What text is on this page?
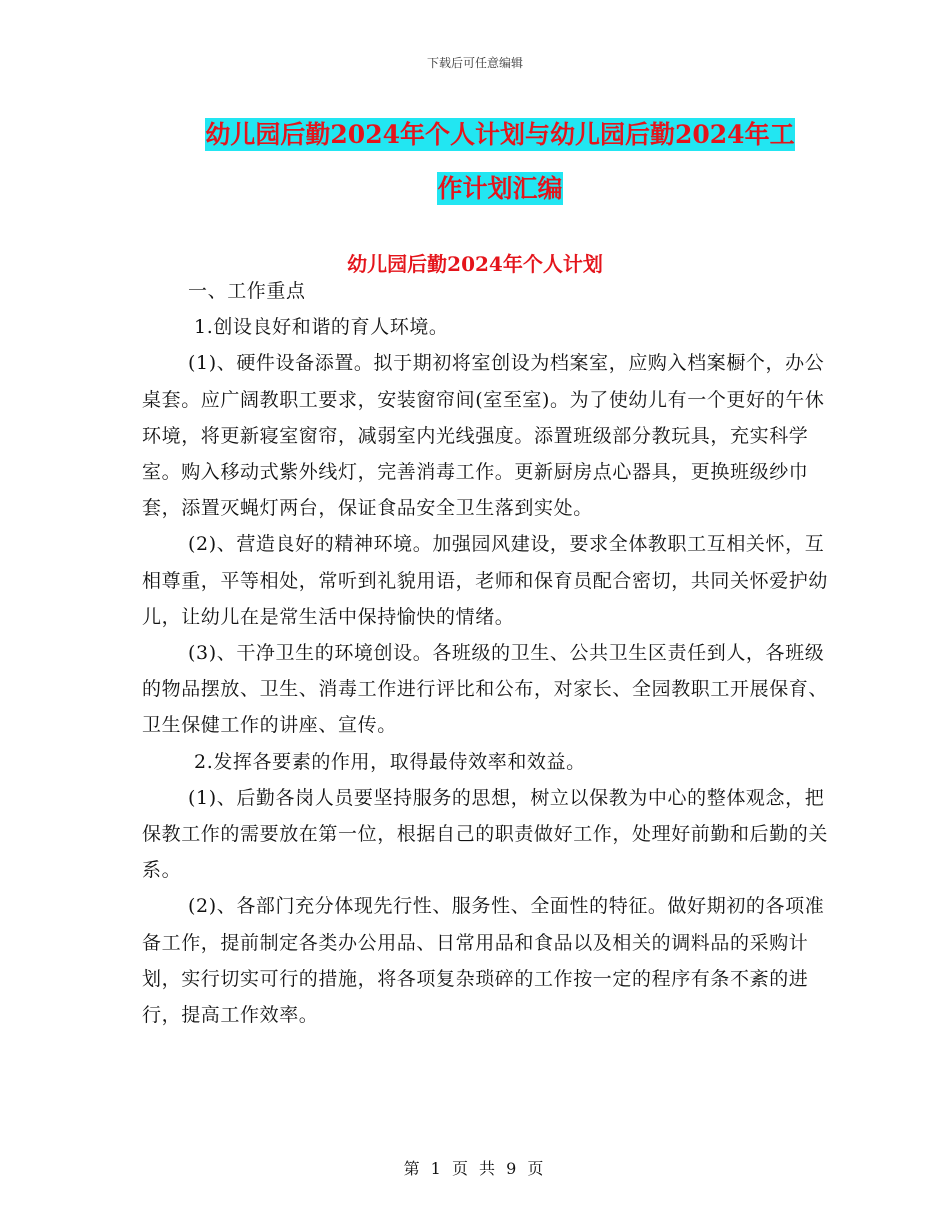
下载后可任意编辑
幼儿园后勤2024年个人计划与幼儿园后勤2024年工
作计划汇编
幼儿园后勤2024年个人计划

一、工作重点

1.创设良好和谐的育人环境。

(1)、硬件设备添置。拟于期初将室创设为档案室，应购入档案橱个，办公桌套。应广阔教职工要求，安装窗帘间(室至室)。为了使幼儿有一个更好的午休环境，将更新寝室窗帘，减弱室内光线强度。添置班级部分教玩具，充实科学室。购入移动式紫外线灯，完善消毒工作。更新厨房点心器具，更换班级纱巾套，添置灭蝇灯两台，保证食品安全卫生落到实处。

(2)、营造良好的精神环境。加强园风建设，要求全体教职工互相关怀，互相尊重，平等相处，常听到礼貌用语，老师和保育员配合密切，共同关怀爱护幼儿，让幼儿在是常生活中保持愉快的情绪。

(3)、干净卫生的环境创设。各班级的卫生、公共卫生区责任到人，各班级的物品摆放、卫生、消毒工作进行评比和公布，对家长、全园教职工开展保育、卫生保健工作的讲座、宣传。

2.发挥各要素的作用，取得最侍效率和效益。

(1)、后勤各岗人员要坚持服务的思想，树立以保教为中心的整体观念，把保教工作的需要放在第一位，根据自己的职责做好工作，处理好前勤和后勤的关系。

(2)、各部门充分体现先行性、服务性、全面性的特征。做好期初的各项准备工作，提前制定各类办公用品、日常用品和食品以及相关的调料品的采购计划，实行切实可行的措施，将各项复杂琐碎的工作按一定的程序有条不紊的进行，提高工作效率。

第 1 页 共 9 页
